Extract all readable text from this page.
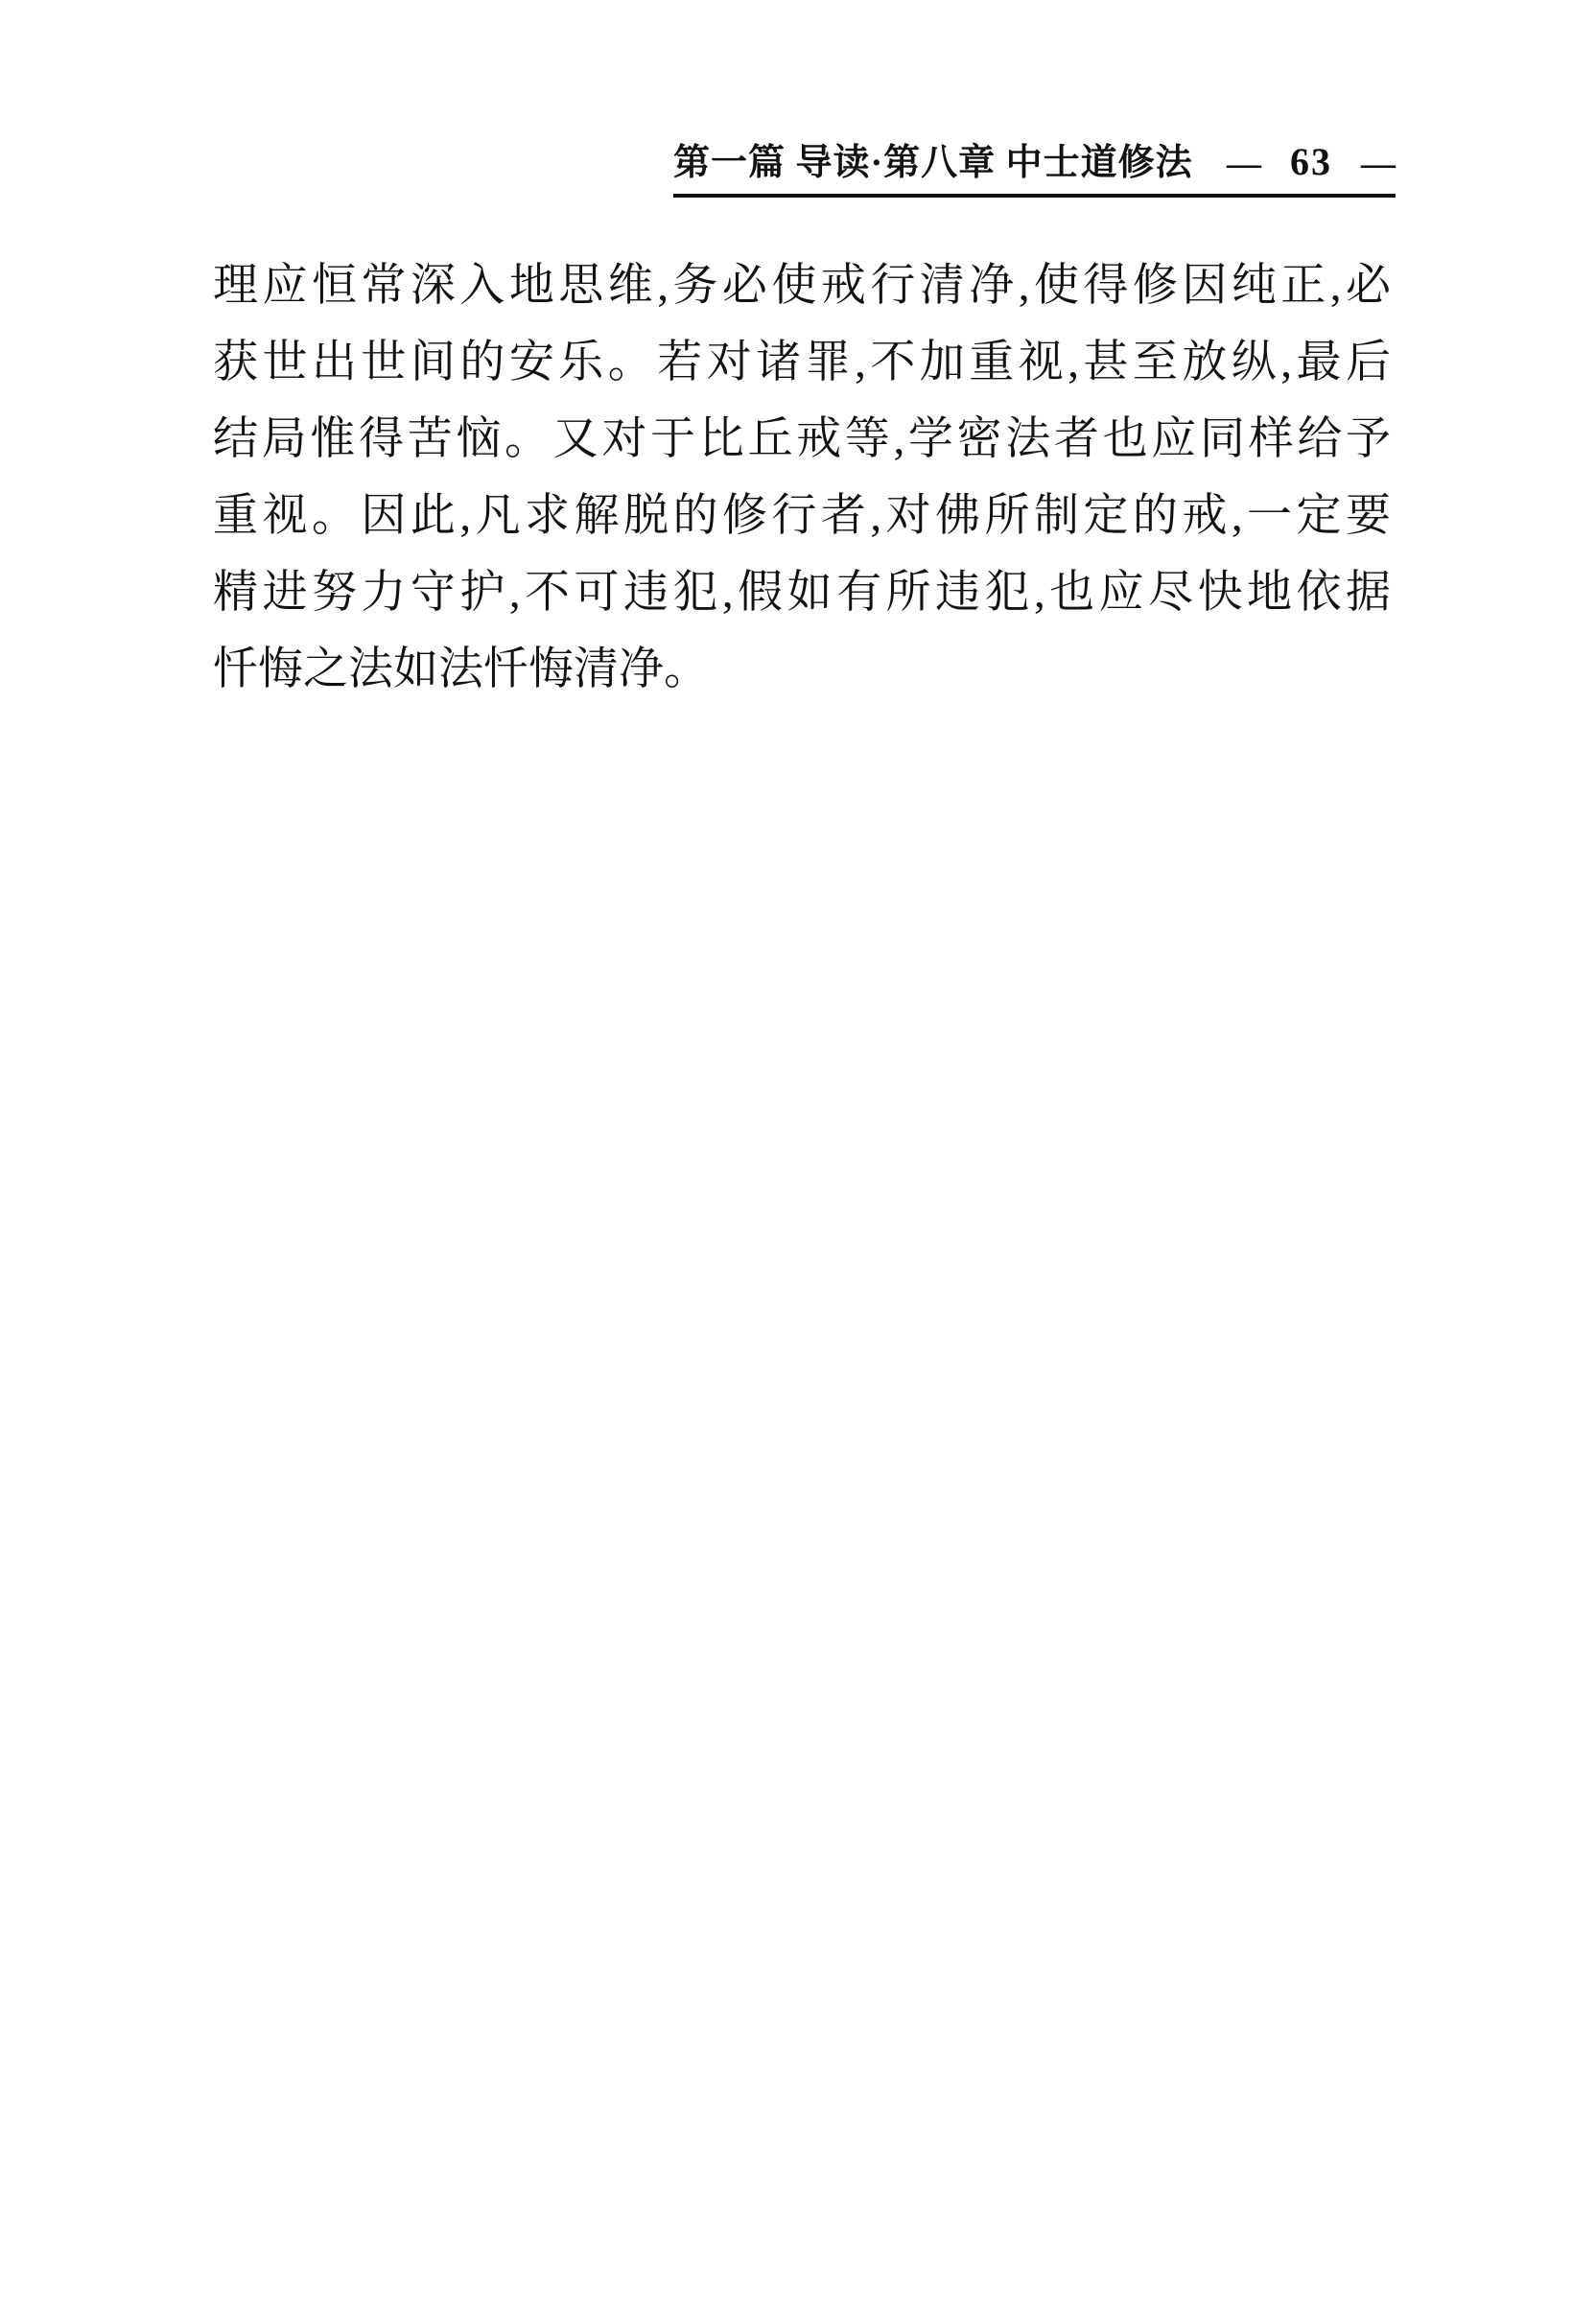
第一篇 导读·第八章 中士道修法 — 63 —
理应恒常深入地思维,务必使戒行清净,使得修因纯正,必
获世出世间的安乐。若对诸罪,不加重视,甚至放纵,最后
结局惟得苦恼。又对于比丘戒等,学密法者也应同样给予
重视。因此,凡求解脱的修行者,对佛所制定的戒,一定要
精进努力守护,不可违犯,假如有所违犯,也应尽快地依据
忏悔之法如法忏悔清净。
